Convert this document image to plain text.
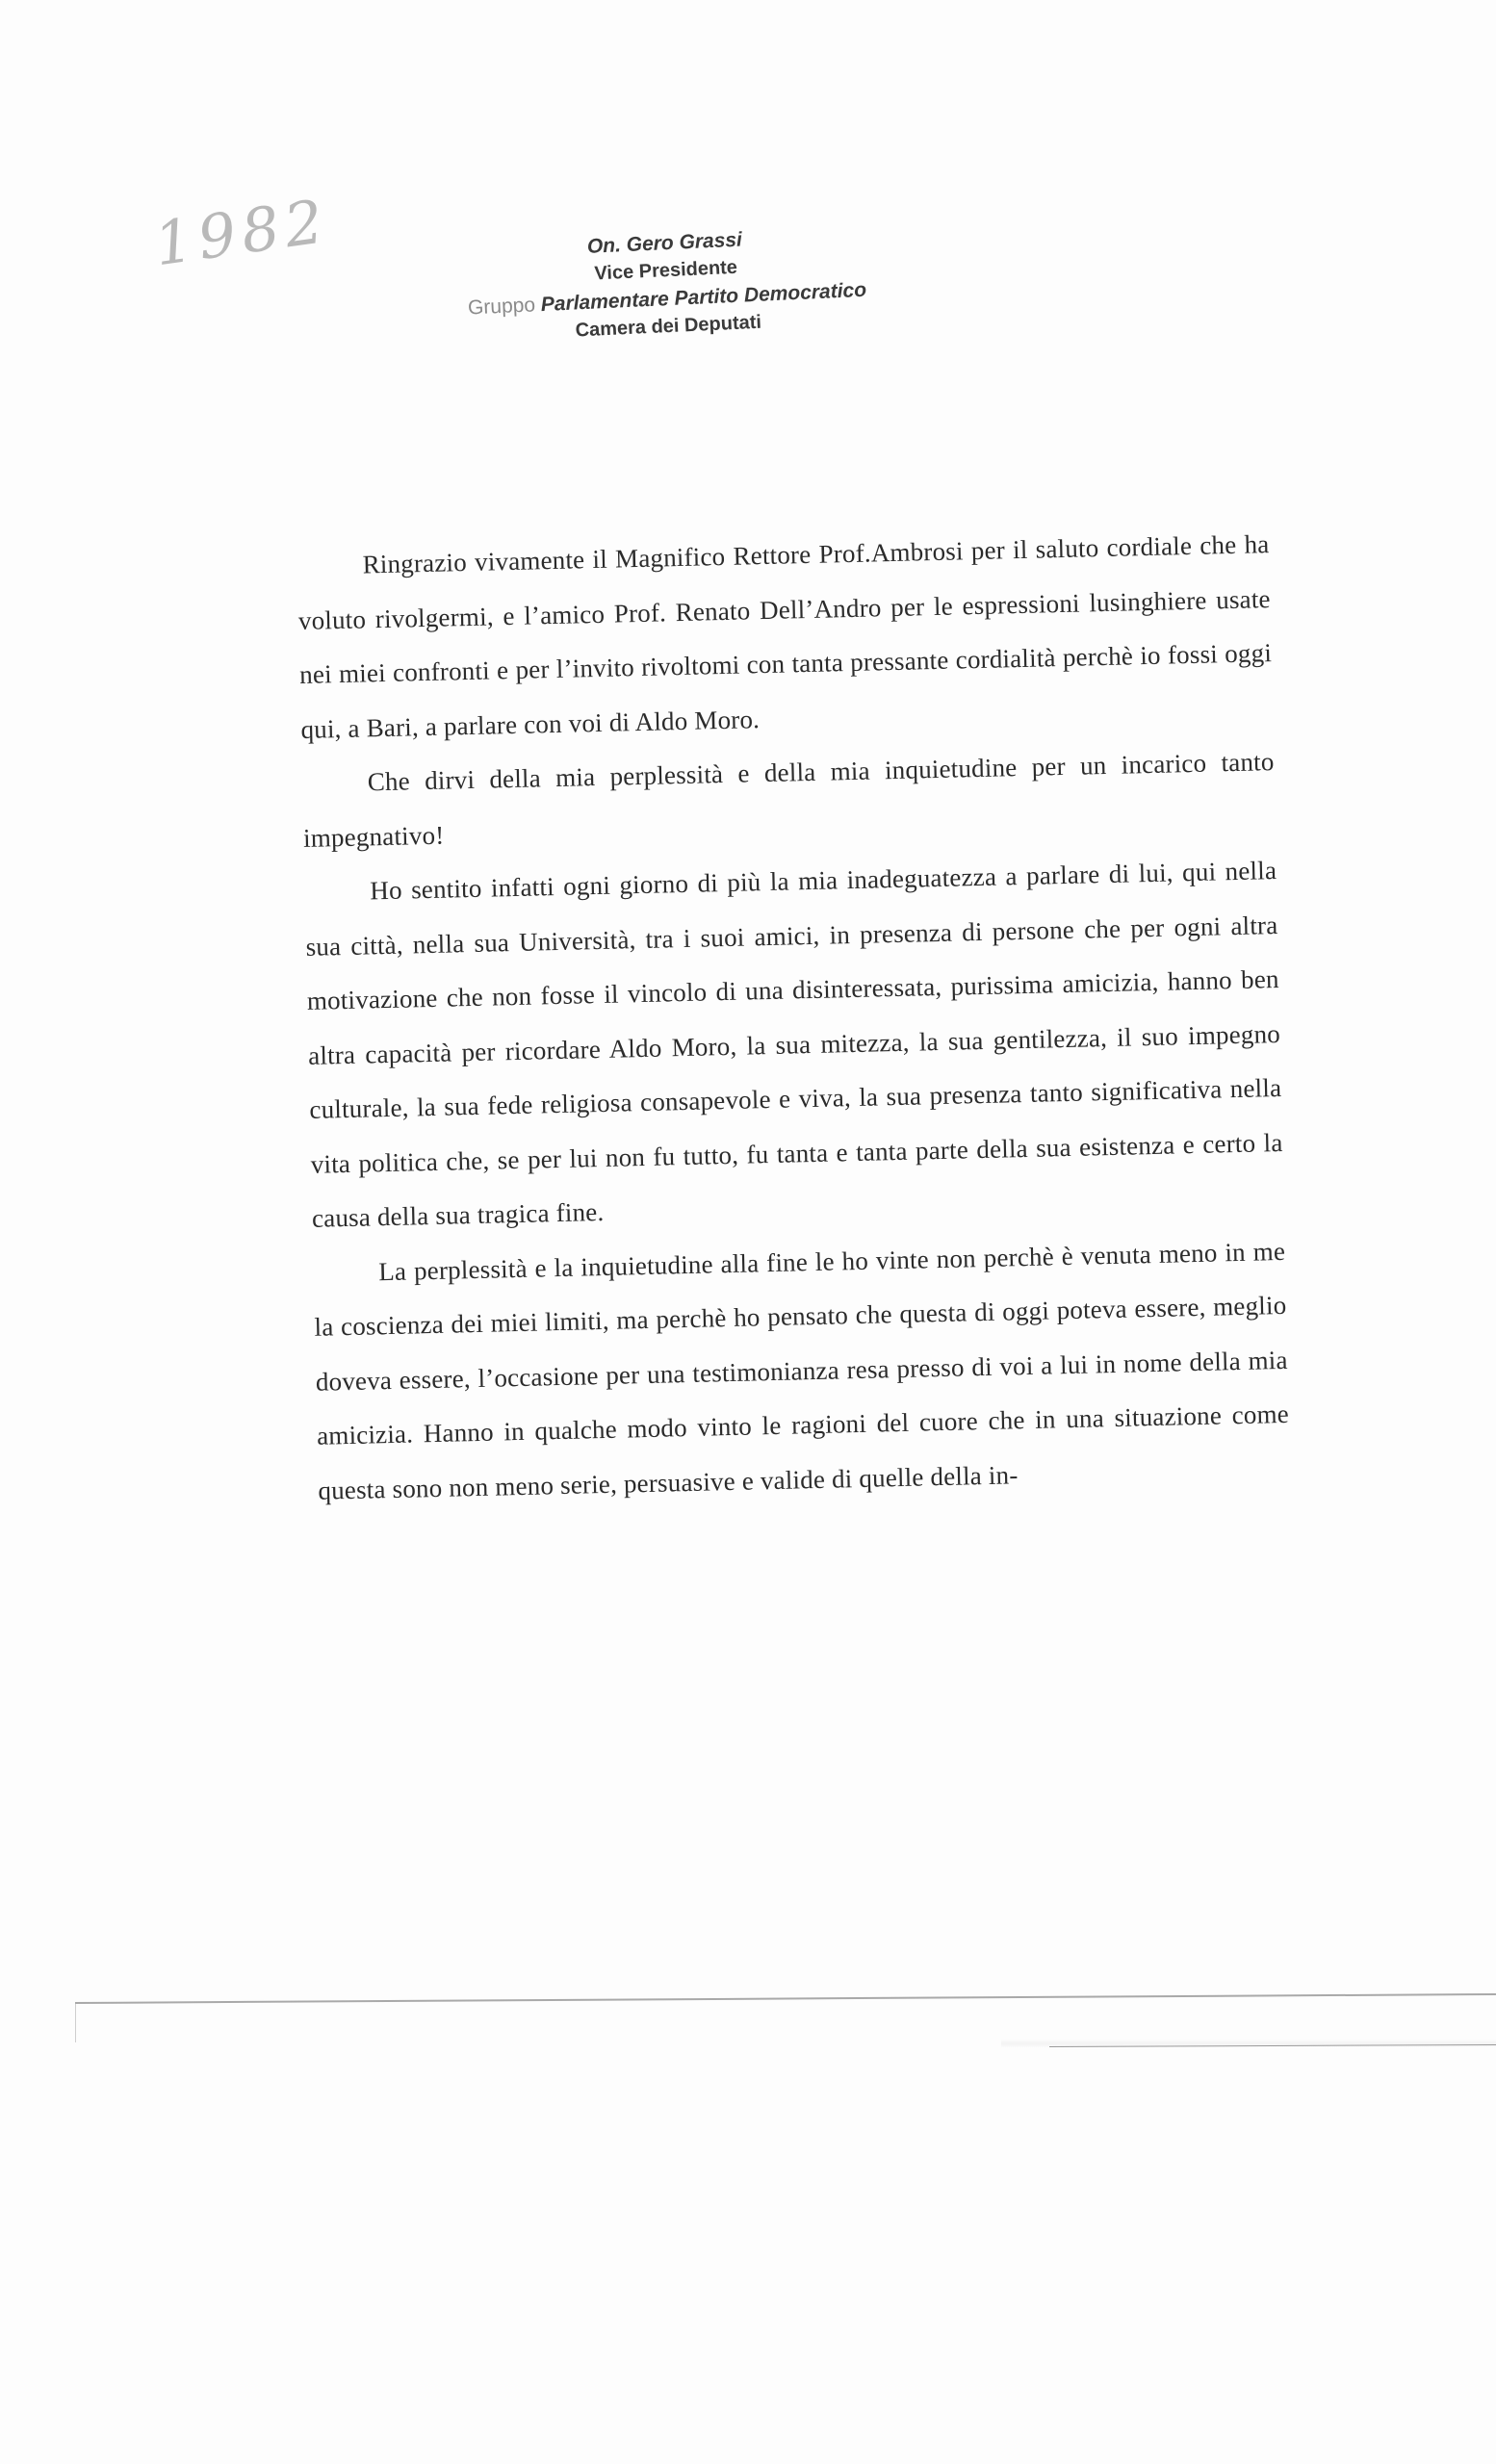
1982	On. Gero Grassi
Vice Presidente
Gruppo Parlamentare Partito Democratico
Camera dei Deputati

Ringrazio vivamente il Magnifico Rettore Prof.Ambrosi per il saluto cordiale che ha voluto rivolgermi, e l’amico Prof. Renato Dell’Andro per le espressioni lusinghiere usate nei miei confronti e per l’invito rivoltomi con tanta pressante cordialità perchè io fossi oggi qui, a Bari, a parlare con voi di Aldo Moro.

Che dirvi della mia perplessità e della mia inquietudine per un incarico tanto impegnativo!

Ho sentito infatti ogni giorno di più la mia inadeguatezza a parlare di lui, qui nella sua città, nella sua Università, tra i suoi amici, in presenza di persone che per ogni altra motivazione che non fosse il vincolo di una disinteressata, purissima amicizia, hanno ben altra capacità per ricordare Aldo Moro, la sua mitezza, la sua gentilezza, il suo impegno culturale, la sua fede religiosa consapevole e viva, la sua presenza tanto significativa nella vita politica che, se per lui non fu tutto, fu tanta e tanta parte della sua esistenza e certo la causa della sua tragica fine.

La perplessità e la inquietudine alla fine le ho vinte non perchè è venuta meno in me la coscienza dei miei limiti, ma perchè ho pensato che questa di oggi poteva essere, meglio doveva essere, l’occasione per una testimonianza resa presso di voi a lui in nome della mia amicizia. Hanno in qualche modo vinto le ragioni del cuore che in una situazione come questa sono non meno serie, persuasive e valide di quelle della in-
